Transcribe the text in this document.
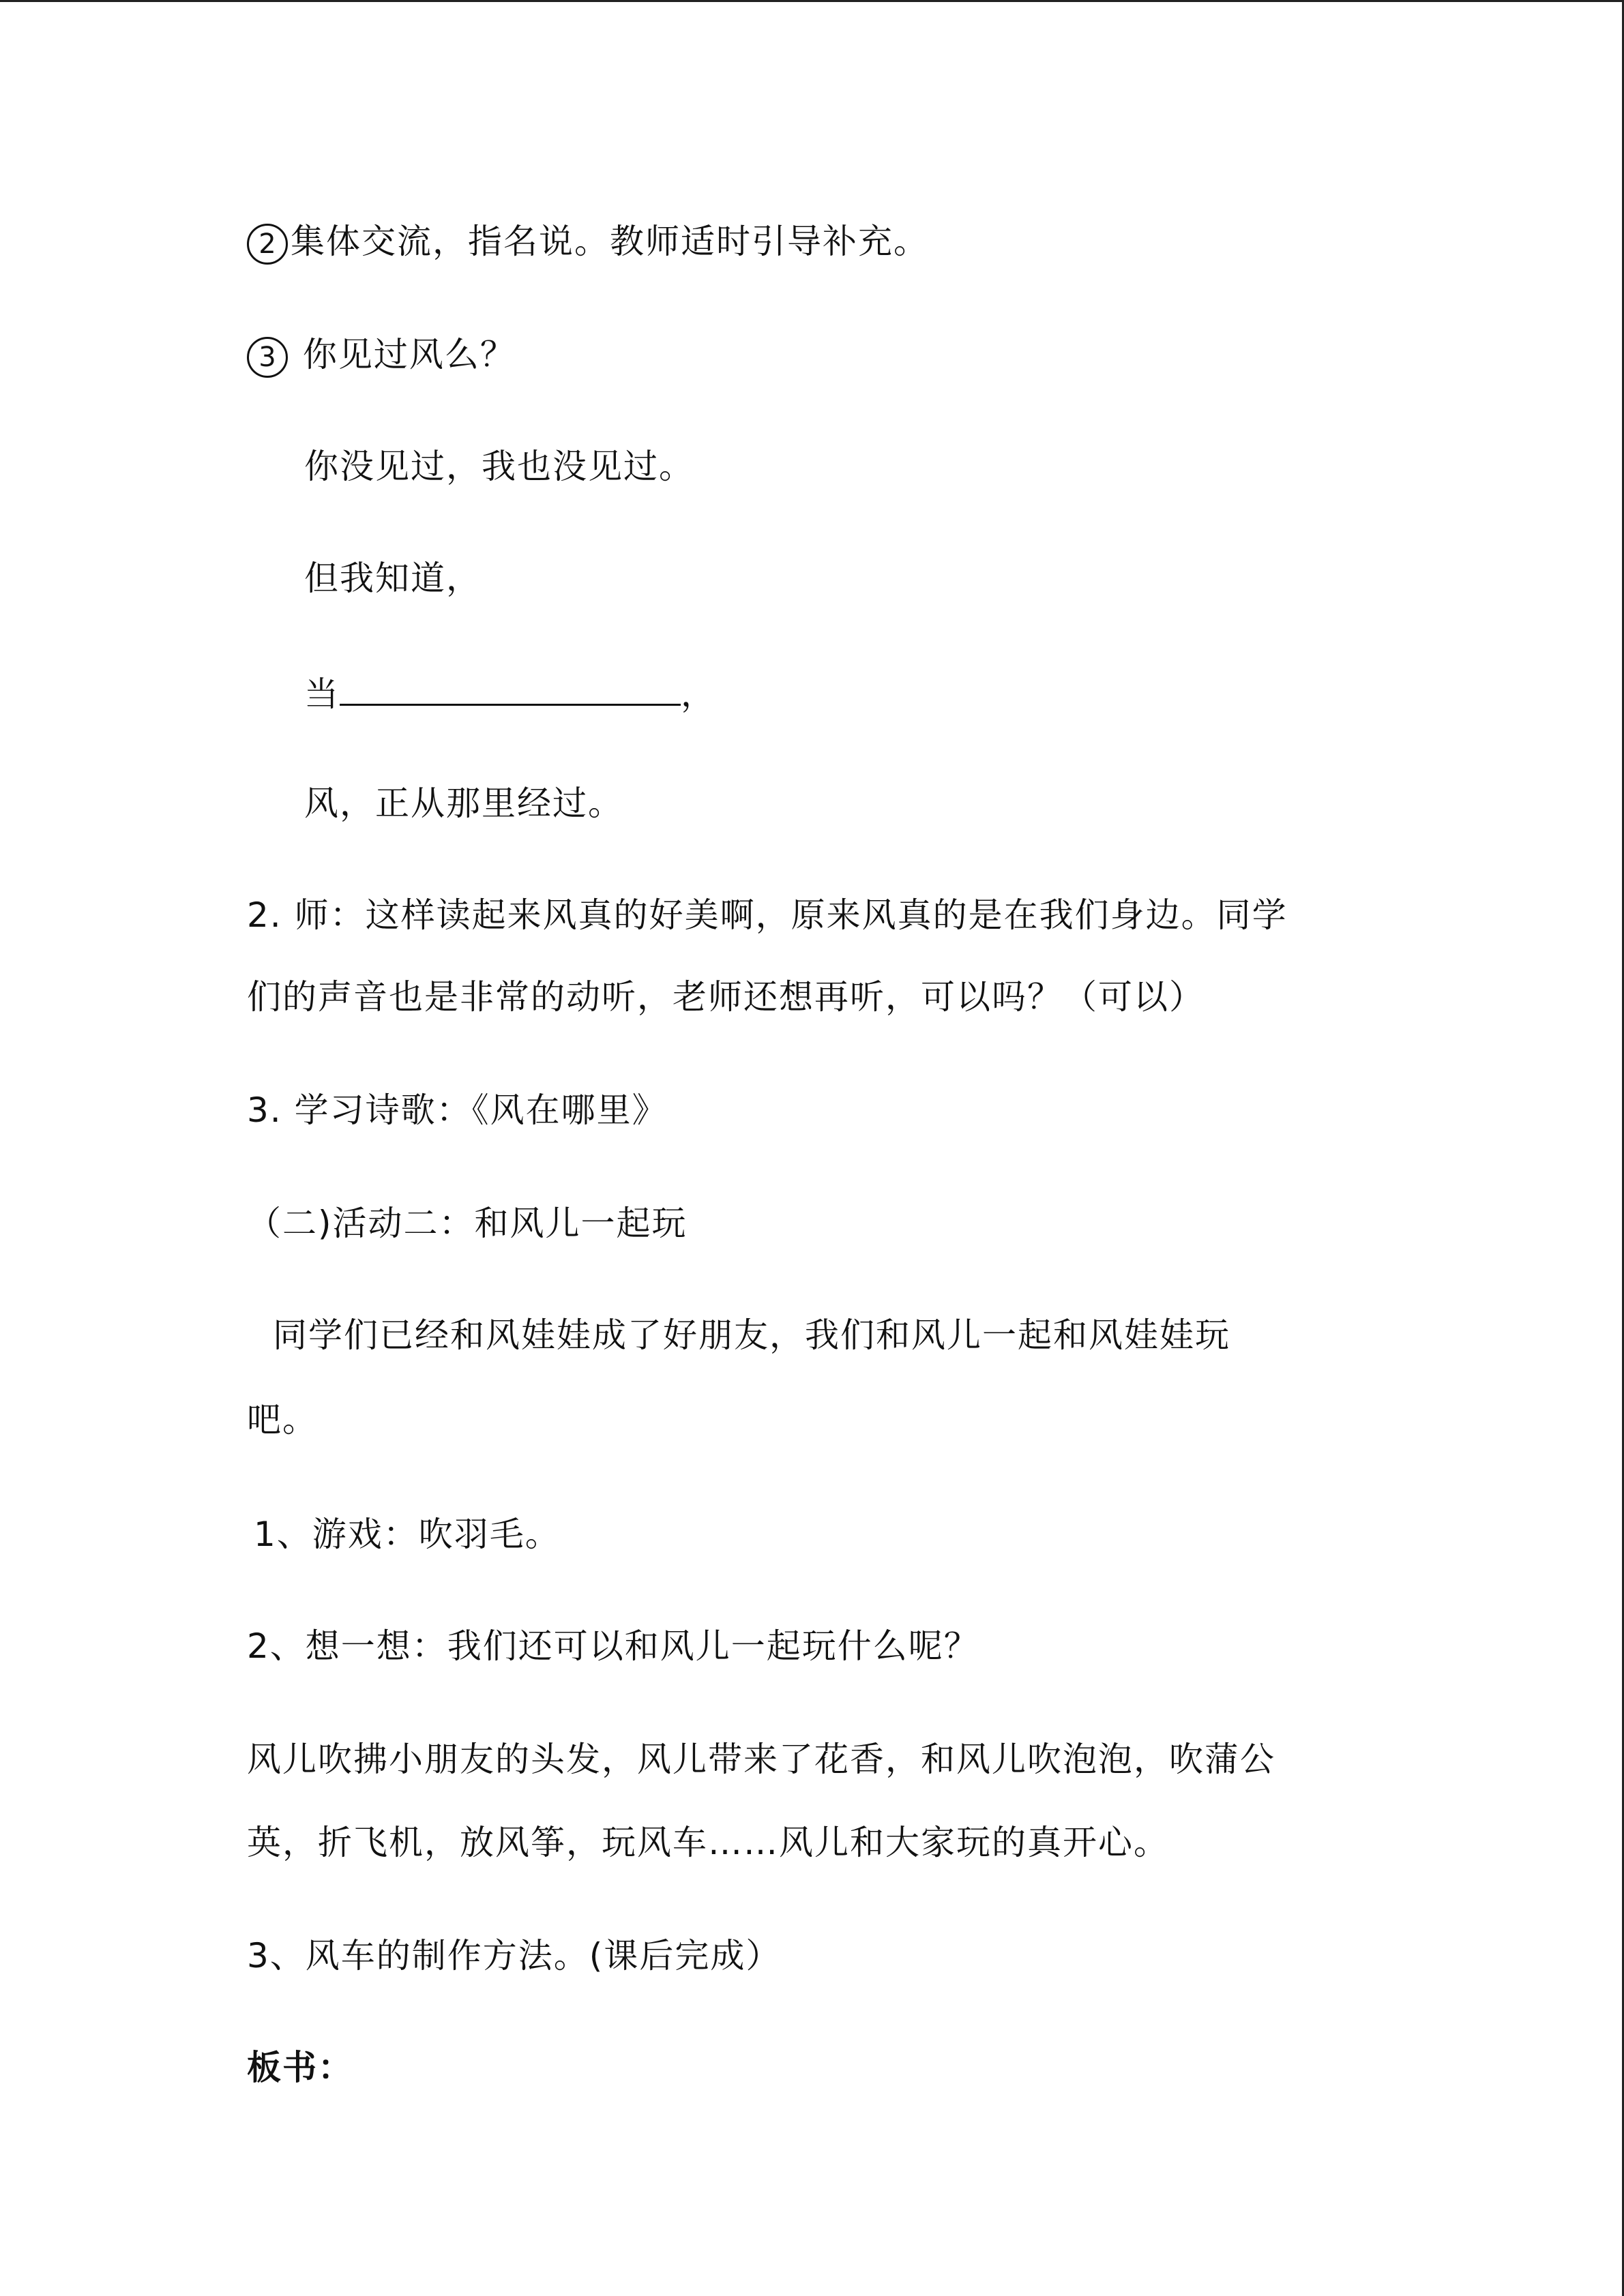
2 集体交流，指名说。教师适时引导补充。
3 你见过风么？
你没见过，我也没见过。
但我知道，
当	，
风，正从那里经过。
2. 师：这样读起来风真的好美啊，原来风真的是在我们身边。同学
们的声音也是非常的动听，老师还想再听，可以吗？（可以）
3. 学习诗歌：《风在哪里》
（二)活动二：和风儿一起玩
同学们已经和风娃娃成了好朋友，我们和风儿一起和风娃娃玩
吧。
1、游戏：吹羽毛。
2、想一想：我们还可以和风儿一起玩什么呢？
风儿吹拂小朋友的头发，风儿带来了花香，和风儿吹泡泡，吹蒲公
英，折飞机，放风筝，玩风车……风儿和大家玩的真开心。
3、风车的制作方法。(课后完成）
板书：
